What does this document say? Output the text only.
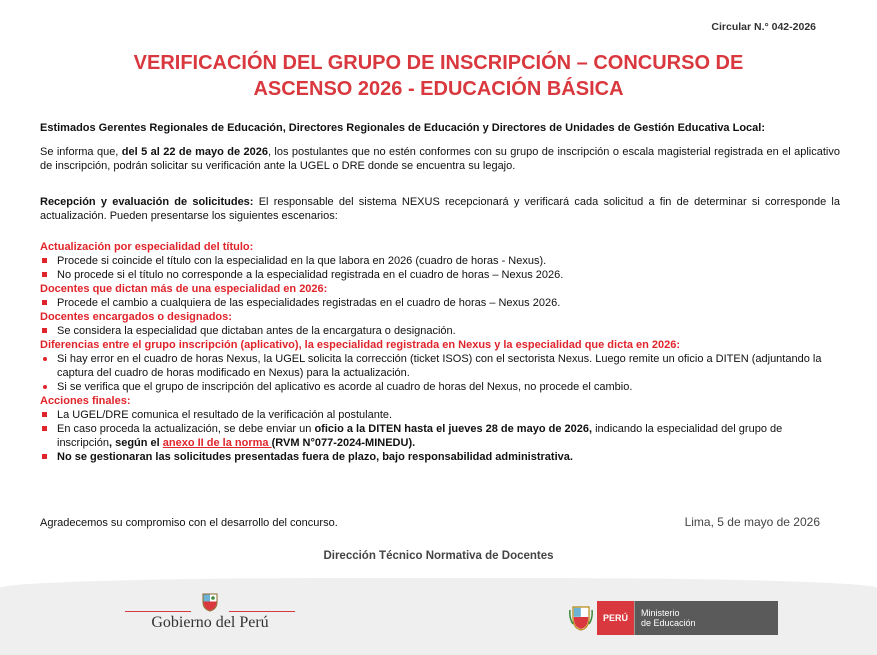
Circular N.° 042-2026
VERIFICACIÓN DEL GRUPO DE INSCRIPCIÓN – CONCURSO DE
ASCENSO 2026 - EDUCACIÓN BÁSICA
Estimados Gerentes Regionales de Educación, Directores Regionales de Educación y Directores de Unidades de Gestión Educativa Local:
Se informa que, del 5 al 22 de mayo de 2026, los postulantes que no estén conformes con su grupo de inscripción o escala magisterial registrada en el aplicativo de inscripción, podrán solicitar su verificación ante la UGEL o DRE donde se encuentra su legajo.
Recepción y evaluación de solicitudes: El responsable del sistema NEXUS recepcionará y verificará cada solicitud a fin de determinar si corresponde la actualización. Pueden presentarse los siguientes escenarios:
Actualización por especialidad del título:
Procede si coincide el título con la especialidad en la que labora en 2026 (cuadro de horas - Nexus).
No procede si el título no corresponde a la especialidad registrada en el cuadro de horas – Nexus 2026.
Docentes que dictan más de una especialidad en 2026:
Procede el cambio a cualquiera de las especialidades registradas en el cuadro de horas – Nexus 2026.
Docentes encargados o designados:
Se considera la especialidad que dictaban antes de la encargatura o designación.
Diferencias entre el grupo inscripción (aplicativo), la especialidad registrada en Nexus y la especialidad que dicta en 2026:
Si hay error en el cuadro de horas Nexus, la UGEL solicita la corrección (ticket ISOS) con el sectorista Nexus. Luego remite un oficio a DITEN (adjuntando la captura del cuadro de horas modificado en Nexus) para la actualización.
Si se verifica que el grupo de inscripción del aplicativo es acorde al cuadro de horas del Nexus, no procede el cambio.
Acciones finales:
La UGEL/DRE comunica el resultado de la verificación al postulante.
En caso proceda la actualización, se debe enviar un oficio a la DITEN hasta el jueves 28 de mayo de 2026, indicando la especialidad del grupo de inscripción, según el anexo II de la norma (RVM N°077-2024-MINEDU).
No se gestionaran las solicitudes presentadas fuera de plazo, bajo responsabilidad administrativa.
Agradecemos su compromiso con el desarrollo del concurso.	Lima, 5 de mayo de 2026
Dirección Técnico Normativa de Docentes
Gobierno del Perú	PERÚ	Ministerio
de Educación
